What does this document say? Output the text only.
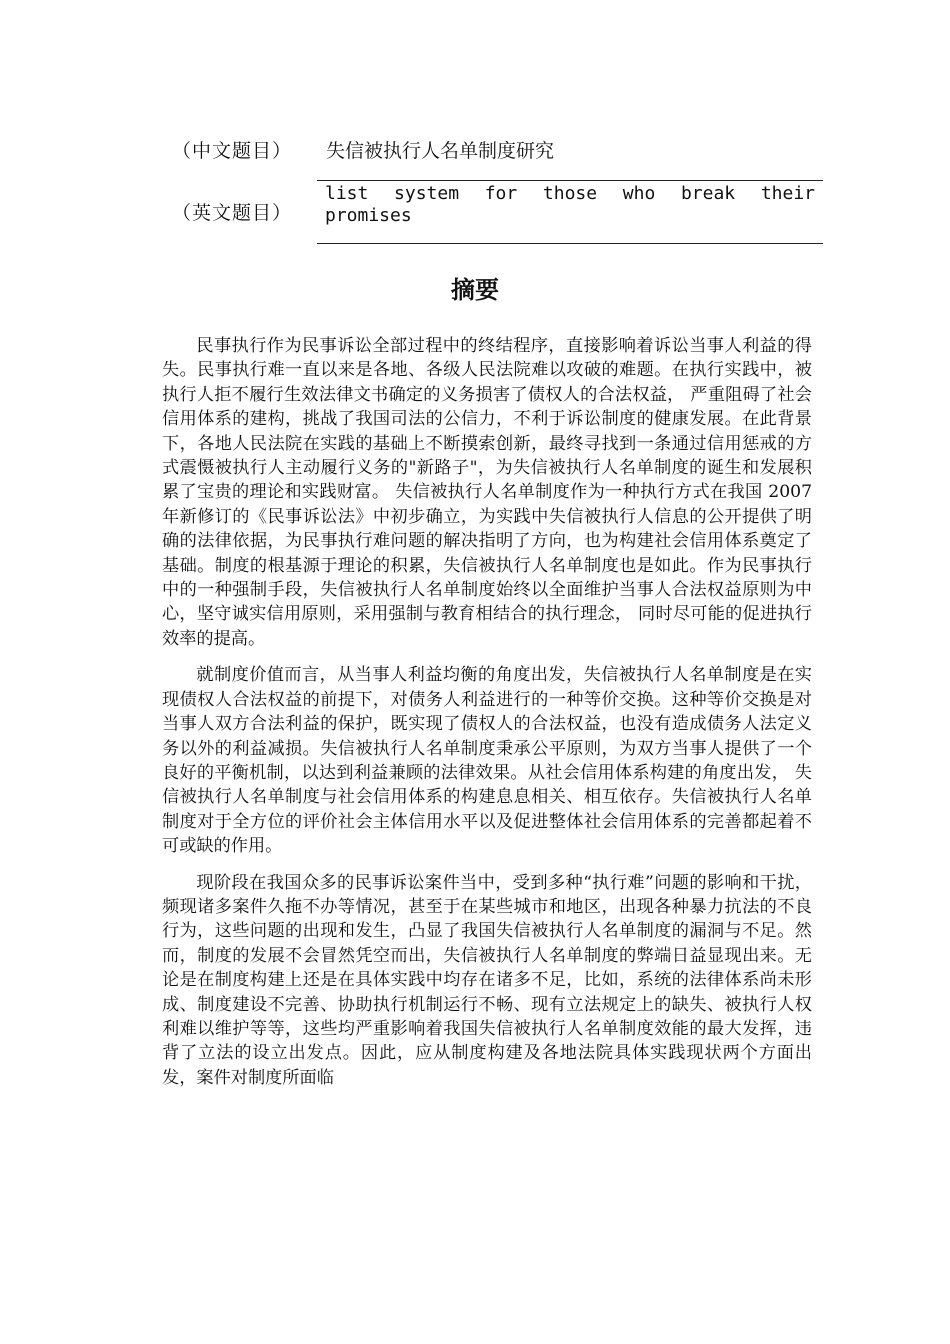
（中文题目）	失信被执行人名单制度研究
（英文题目）
list system for those who break their promises
摘要

民事执行作为民事诉讼全部过程中的终结程序，直接影响着诉讼当事人利益的得失。民事执行难一直以来是各地、各级人民法院难以攻破的难题。在执行实践中，被执行人拒不履行生效法律文书确定的义务损害了债权人的合法权益， 严重阻碍了社会信用体系的建构，挑战了我国司法的公信力，不利于诉讼制度的健康发展。在此背景下，各地人民法院在实践的基础上不断摸索创新，最终寻找到一条通过信用惩戒的方式震慑被执行人主动履行义务的"新路子"，为失信被执行人名单制度的诞生和发展积累了宝贵的理论和实践财富。 失信被执行人名单制度作为一种执行方式在我国 2007 年新修订的《民事诉讼法》中初步确立，为实践中失信被执行人信息的公开提供了明确的法律依据，为民事执行难问题的解决指明了方向，也为构建社会信用体系奠定了基础。制度的根基源于理论的积累，失信被执行人名单制度也是如此。作为民事执行中的一种强制手段，失信被执行人名单制度始终以全面维护当事人合法权益原则为中心，坚守诚实信用原则，采用强制与教育相结合的执行理念， 同时尽可能的促进执行效率的提高。

就制度价值而言，从当事人利益均衡的角度出发，失信被执行人名单制度是在实现债权人合法权益的前提下，对债务人利益进行的一种等价交换。这种等价交换是对当事人双方合法利益的保护，既实现了债权人的合法权益，也没有造成债务人法定义务以外的利益减损。失信被执行人名单制度秉承公平原则，为双方当事人提供了一个良好的平衡机制，以达到利益兼顾的法律效果。从社会信用体系构建的角度出发， 失信被执行人名单制度与社会信用体系的构建息息相关、相互依存。失信被执行人名单制度对于全方位的评价社会主体信用水平以及促进整体社会信用体系的完善都起着不可或缺的作用。

现阶段在我国众多的民事诉讼案件当中，受到多种“执行难”问题的影响和干扰，频现诸多案件久拖不办等情况，甚至于在某些城市和地区，出现各种暴力抗法的不良行为，这些问题的出现和发生，凸显了我国失信被执行人名单制度的漏洞与不足。然而，制度的发展不会冒然凭空而出，失信被执行人名单制度的弊端日益显现出来。无论是在制度构建上还是在具体实践中均存在诸多不足，比如，系统的法律体系尚未形成、制度建设不完善、协助执行机制运行不畅、现有立法规定上的缺失、被执行人权利难以维护等等，这些均严重影响着我国失信被执行人名单制度效能的最大发挥，违背了立法的设立出发点。因此，应从制度构建及各地法院具体实践现状两个方面出发，案件对制度所面临
